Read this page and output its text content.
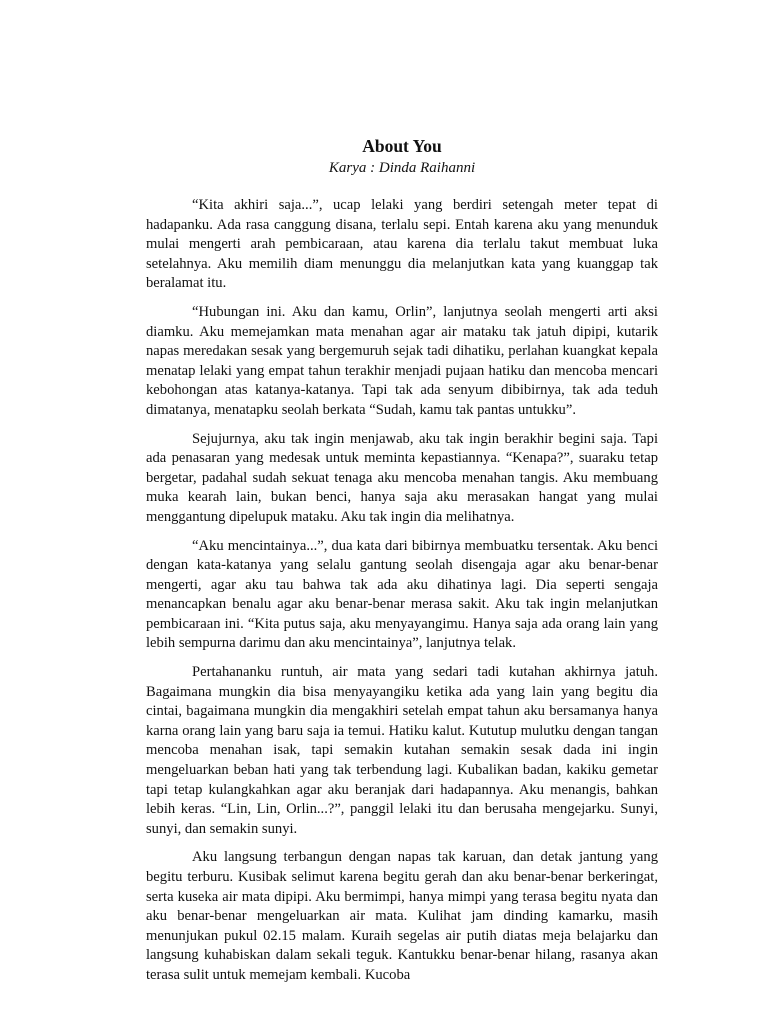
About You

Karya : Dinda Raihanni

“Kita akhiri saja...”, ucap lelaki yang berdiri setengah meter tepat di hadapanku. Ada rasa canggung disana, terlalu sepi. Entah karena aku yang menunduk mulai mengerti arah pembicaraan, atau karena dia terlalu takut membuat luka setelahnya. Aku memilih diam menunggu dia melanjutkan kata yang kuanggap tak beralamat itu.

“Hubungan ini. Aku dan kamu, Orlin”, lanjutnya seolah mengerti arti aksi diamku. Aku memejamkan mata menahan agar air mataku tak jatuh dipipi, kutarik napas meredakan sesak yang bergemuruh sejak tadi dihatiku, perlahan kuangkat kepala menatap lelaki yang empat tahun terakhir menjadi pujaan hatiku dan mencoba mencari kebohongan atas katanya-katanya. Tapi tak ada senyum dibibirnya, tak ada teduh dimatanya, menatapku seolah berkata “Sudah, kamu tak pantas untukku”.

Sejujurnya, aku tak ingin menjawab, aku tak ingin berakhir begini saja. Tapi ada penasaran yang medesak untuk meminta kepastiannya. “Kenapa?”, suaraku tetap bergetar, padahal sudah sekuat tenaga aku mencoba menahan tangis. Aku membuang muka kearah lain, bukan benci, hanya saja aku merasakan hangat yang mulai menggantung dipelupuk mataku. Aku tak ingin dia melihatnya.

“Aku mencintainya...”, dua kata dari bibirnya membuatku tersentak. Aku benci dengan kata-katanya yang selalu gantung seolah disengaja agar aku benar-benar mengerti, agar aku tau bahwa tak ada aku dihatinya lagi. Dia seperti sengaja menancapkan benalu agar aku benar-benar merasa sakit. Aku tak ingin melanjutkan pembicaraan ini. “Kita putus saja, aku menyayangimu. Hanya saja ada orang lain yang lebih sempurna darimu dan aku mencintainya”, lanjutnya telak.

Pertahananku runtuh, air mata yang sedari tadi kutahan akhirnya jatuh. Bagaimana mungkin dia bisa menyayangiku ketika ada yang lain yang begitu dia cintai, bagaimana mungkin dia mengakhiri setelah empat tahun aku bersamanya hanya karna orang lain yang baru saja ia temui. Hatiku kalut. Kututup mulutku dengan tangan mencoba menahan isak, tapi semakin kutahan semakin sesak dada ini ingin mengeluarkan beban hati yang tak terbendung lagi. Kubalikan badan, kakiku gemetar tapi tetap kulangkahkan agar aku beranjak dari hadapannya. Aku menangis, bahkan lebih keras. “Lin, Lin, Orlin...?”, panggil lelaki itu dan berusaha mengejarku. Sunyi, sunyi, dan semakin sunyi.

Aku langsung terbangun dengan napas tak karuan, dan detak jantung yang begitu terburu. Kusibak selimut karena begitu gerah dan aku benar-benar berkeringat, serta kuseka air mata dipipi. Aku bermimpi, hanya mimpi yang terasa begitu nyata dan aku benar-benar mengeluarkan air mata. Kulihat jam dinding kamarku, masih menunjukan pukul 02.15 malam. Kuraih segelas air putih diatas meja belajarku dan langsung kuhabiskan dalam sekali teguk. Kantukku benar-benar hilang, rasanya akan terasa sulit untuk memejam kembali. Kucoba
